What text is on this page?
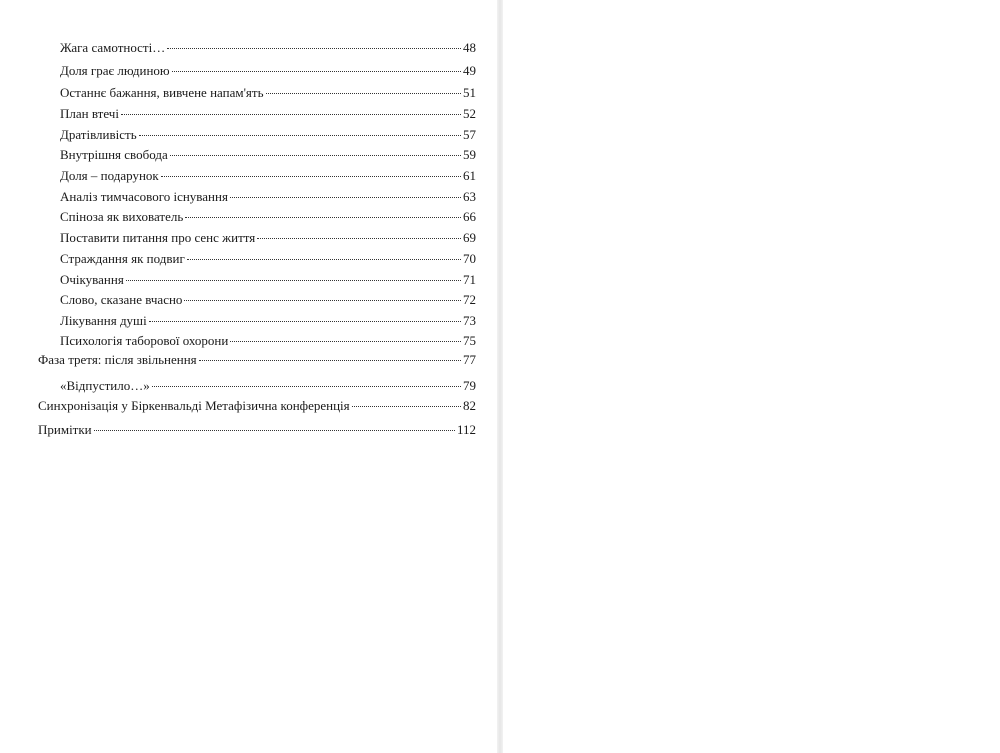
Жага самотності…	48
Доля грає людиною	49
Останнє бажання, вивчене напам'ять	51
План втечі	52
Дратівливість	57
Внутрішня свобода	59
Доля – подарунок	61
Аналіз тимчасового існування	63
Спіноза як вихователь	66
Поставити питання про сенс життя	69
Страждання як подвиг	70
Очікування	71
Слово, сказане вчасно	72
Лікування душі	73
Психологія таборової охорони	75
Фаза третя: після звільнення	77
«Відпустило…»	79
Синхронізація у Біркенвальді Метафізична конференція	82
Примітки	112
